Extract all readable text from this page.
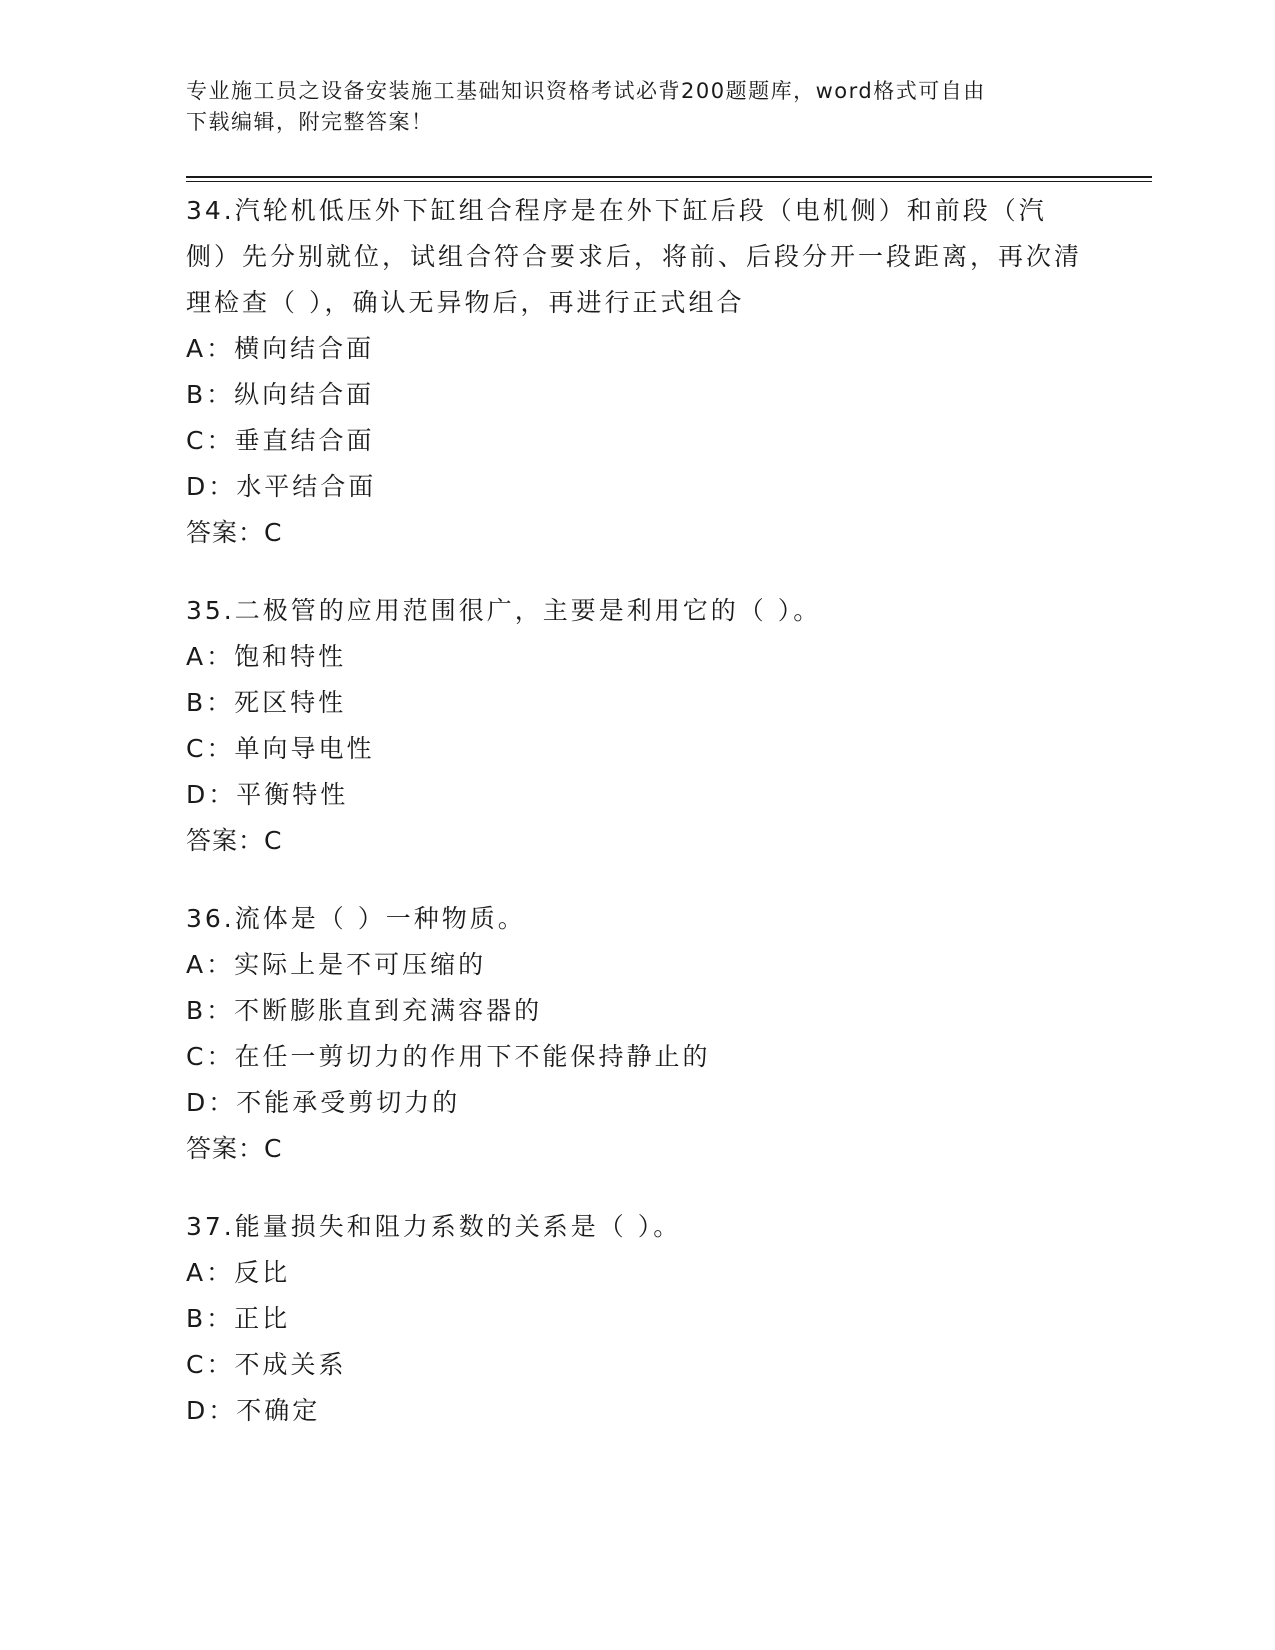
专业施工员之设备安装施工基础知识资格考试必背200题题库，word格式可自由
下载编辑，附完整答案！

34.汽轮机低压外下缸组合程序是在外下缸后段（电机侧）和前段（汽侧）先分别就位，试组合符合要求后，将前、后段分开一段距离，再次清理检查（ ），确认无异物后，再进行正式组合

A：横向结合面

B：纵向结合面

C：垂直结合面

D：水平结合面

答案：C

35.二极管的应用范围很广，主要是利用它的（ ）。

A：饱和特性

B：死区特性

C：单向导电性

D：平衡特性

答案：C

36.流体是（ ）一种物质。

A：实际上是不可压缩的

B：不断膨胀直到充满容器的

C：在任一剪切力的作用下不能保持静止的

D：不能承受剪切力的

答案：C

37.能量损失和阻力系数的关系是（ ）。

A：反比

B：正比

C：不成关系

D：不确定
